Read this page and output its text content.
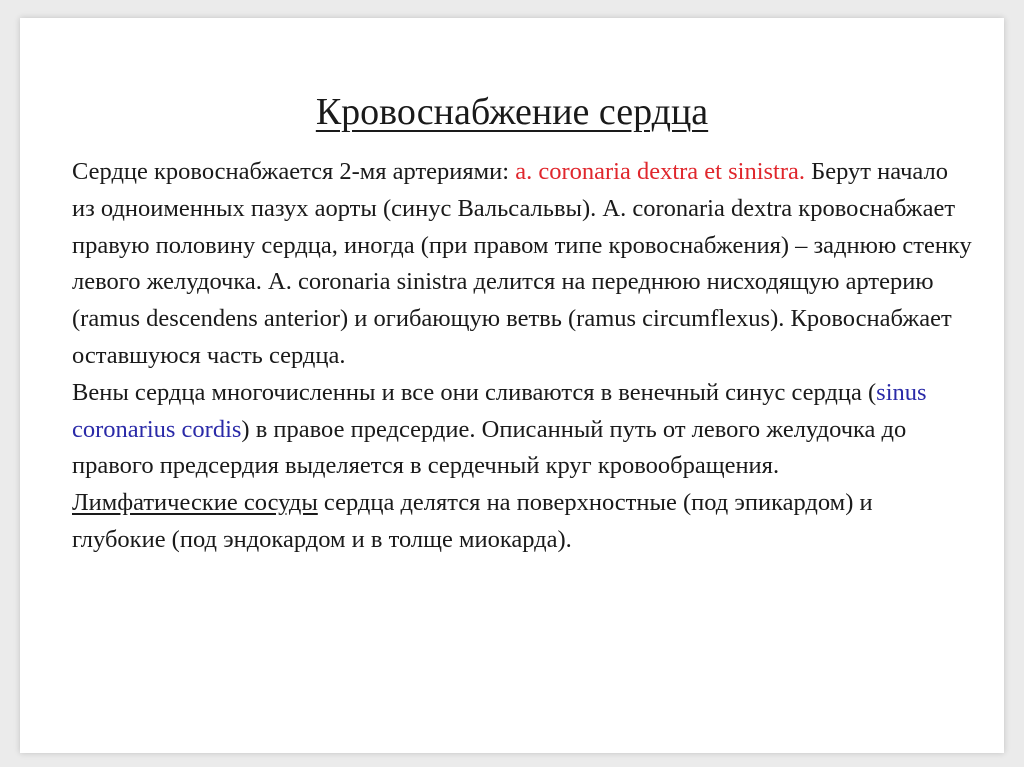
Кровоснабжение сердца

Сердце кровоснабжается 2-мя артериями: a. coronaria dextra et sinistra. Берут начало из одноименных пазух аорты (синус Вальсальвы). А. coronaria dextra кровоснабжает правую половину сердца, иногда (при правом типе кровоснабжения) – заднюю стенку левого желудочка. А. coronaria sinistra делится на переднюю нисходящую артерию (ramus descendens anterior) и огибающую ветвь (ramus circumflexus). Кровоснабжает оставшуюся часть сердца.

Вены сердца многочисленны и все они сливаются в венечный синус сердца (sinus coronarius cordis) в правое предсердие. Описанный путь от левого желудочка до правого предсердия выделяется в сердечный круг кровообращения.

Лимфатические сосуды сердца делятся на поверхностные (под эпикардом) и глубокие (под эндокардом и в толще миокарда).
